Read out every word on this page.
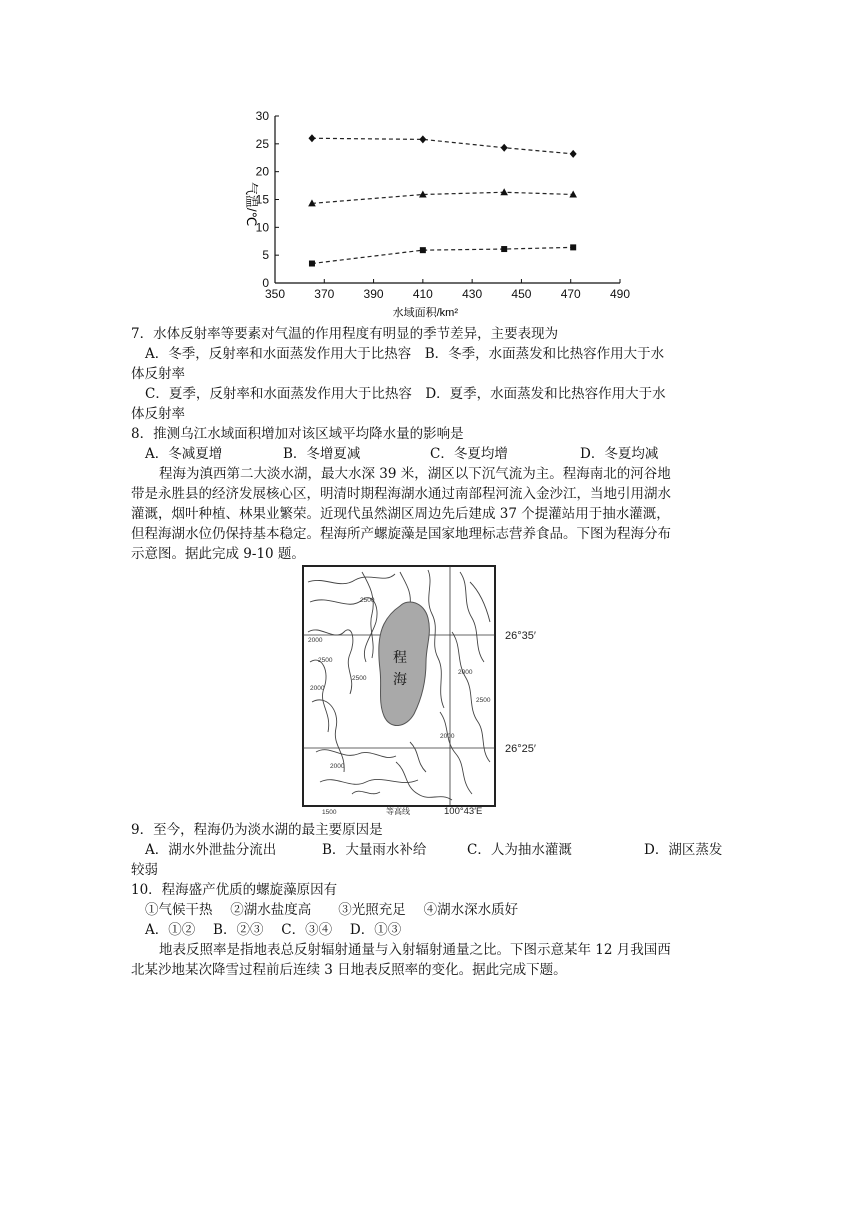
0
5
10
15
20
25
30
350 370 390 410 430 450 470 490
气温/℃
水域面积/km²
7．水体反射率等要素对气温的作用程度有明显的季节差异，主要表现为
A．冬季，反射率和水面蒸发作用大于比热容　B．冬季，水面蒸发和比热容作用大于水
体反射率
C．夏季，反射率和水面蒸发作用大于比热容　D．夏季，水面蒸发和比热容作用大于水
体反射率
8．推测乌江水域面积增加对该区域平均降水量的影响是
A．冬减夏增	B．冬增夏减	C．冬夏均增	D．冬夏均减
程海为滇西第二大淡水湖，最大水深 39 米，湖区以下沉气流为主。程海南北的河谷地
带是永胜县的经济发展核心区，明清时期程海湖水通过南部程河流入金沙江，当地引用湖水
灌溉，烟叶种植、林果业繁荣。近现代虽然湖区周边先后建成 37 个提灌站用于抽水灌溉，
但程海湖水位仍保持基本稳定。程海所产螺旋藻是国家地理标志营养食品。下图为程海分布
示意图。据此完成 9-10 题。
程
海
2000
2500
2000
2500
2000
2500
2000
2500
2000
1500	等高线	100°43′E
26°35′
26°25′
9．至今，程海仍为淡水湖的最主要原因是
A．湖水外泄盐分流出	B．大量雨水补给	C．人为抽水灌溉	D．湖区蒸发
较弱
10．程海盛产优质的螺旋藻原因有
①气候干热　 ②湖水盐度高　　③光照充足　 ④湖水深水质好
A．①②　 B．②③　 C．③④　 D．①③
地表反照率是指地表总反射辐射通量与入射辐射通量之比。下图示意某年 12 月我国西
北某沙地某次降雪过程前后连续 3 日地表反照率的变化。据此完成下题。
